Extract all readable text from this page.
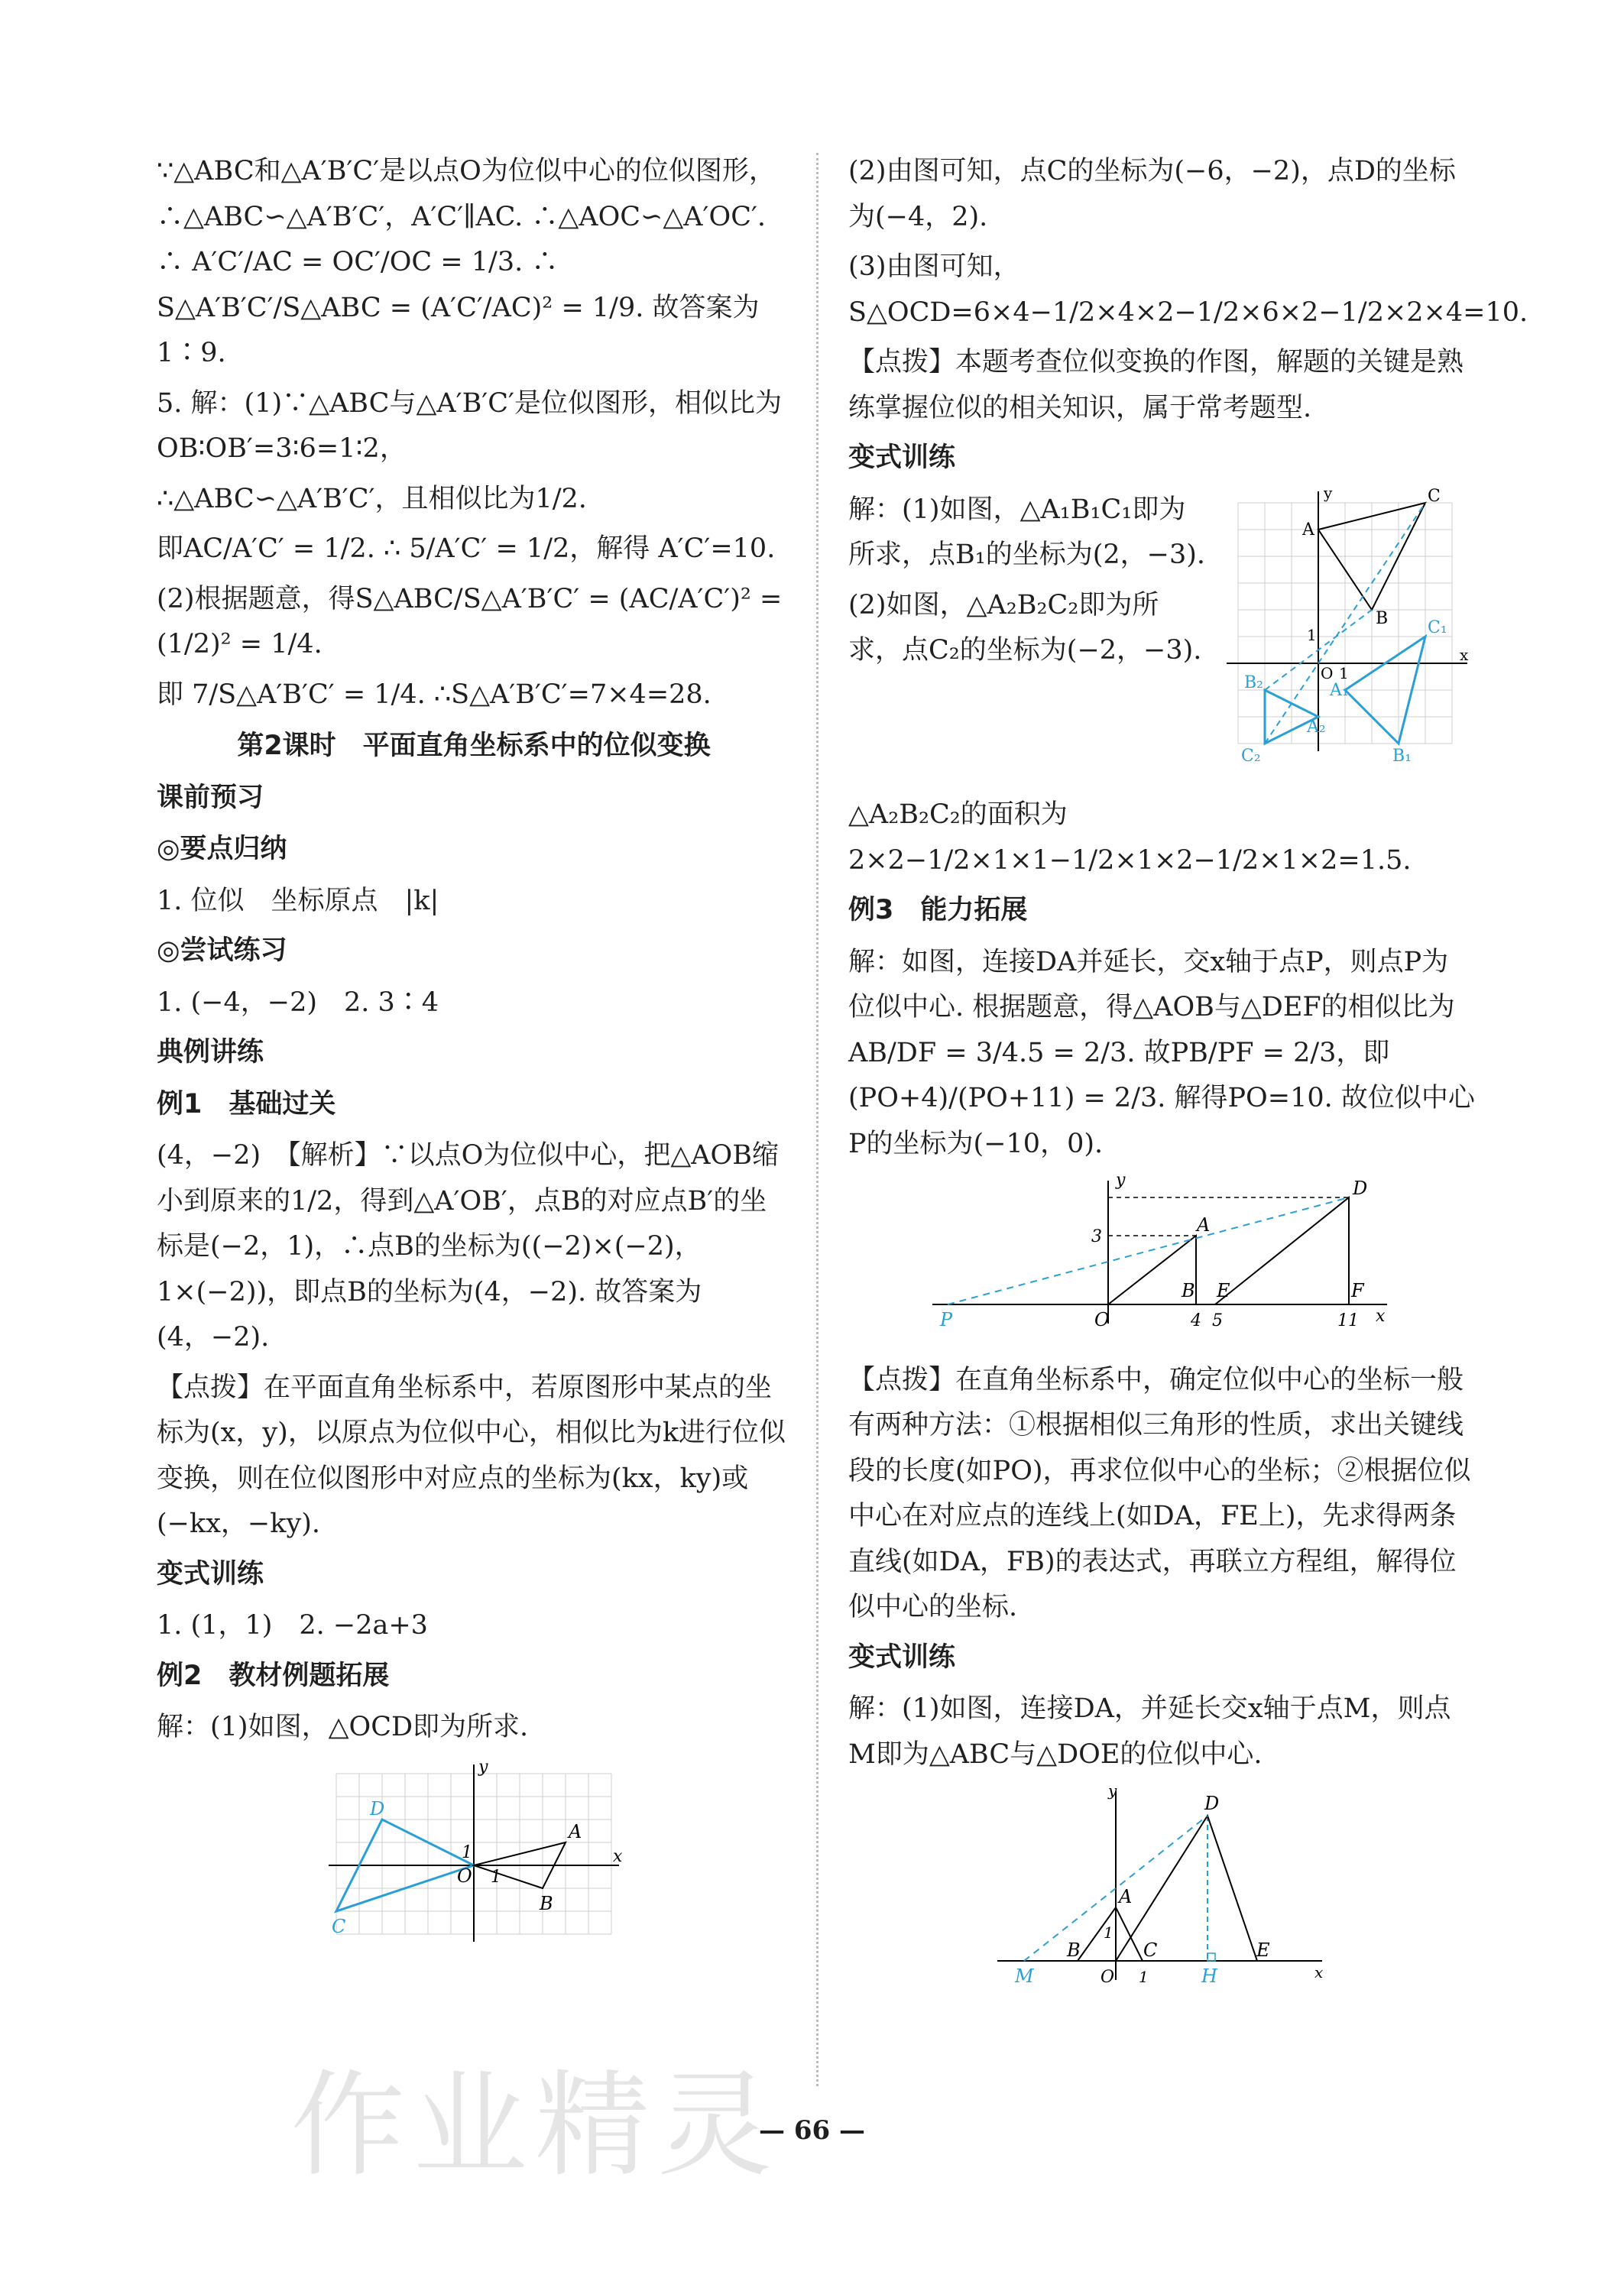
∵△ABC和△A′B′C′是以点O为位似中心的位似图形，∴△ABC∽△A′B′C′，A′C′∥AC. ∴△AOC∽△A′OC′. ∴ A′C′/AC = OC′/OC = 1/3. ∴ S△A′B′C′/S△ABC = (A′C′/AC)² = 1/9. 故答案为1∶9.

5. 解：(1)∵△ABC与△A′B′C′是位似图形，相似比为OB∶OB′=3∶6=1∶2，

∴△ABC∽△A′B′C′，且相似比为1/2.

即AC/A′C′ = 1/2. ∴ 5/A′C′ = 1/2，解得 A′C′=10.

(2)根据题意，得S△ABC/S△A′B′C′ = (AC/A′C′)² = (1/2)² = 1/4.

即 7/S△A′B′C′ = 1/4. ∴S△A′B′C′=7×4=28.

第2课时　平面直角坐标系中的位似变换
课前预习
◎要点归纳

1. 位似　坐标原点　|k|

◎尝试练习

1. (−4，−2)　2. 3∶4

典例讲练
例1　基础过关

(4，−2)　【解析】∵以点O为位似中心，把△AOB缩小到原来的1/2，得到△A′OB′，点B的对应点B′的坐标是(−2，1)，∴点B的坐标为((−2)×(−2)，1×(−2))，即点B的坐标为(4，−2). 故答案为(4，−2).

【点拨】在平面直角坐标系中，若原图形中某点的坐标为(x，y)，以原点为位似中心，相似比为k进行位似变换，则在位似图形中对应点的坐标为(kx，ky)或(−kx，−ky).

变式训练

1. (1，1)　2. −2a+3

例2　教材例题拓展

解：(1)如图，△OCD即为所求.

y
x
D
A
O
1
1
B
C

(2)由图可知，点C的坐标为(−6，−2)，点D的坐标为(−4，2).

(3)由图可知，S△OCD=6×4−1/2×4×2−1/2×6×2−1/2×2×4=10.

【点拨】本题考查位似变换的作图，解题的关键是熟练掌握位似的相关知识，属于常考题型.

变式训练
y	C
A
B C₁
1
O 1
x
B₂	A₁
A₂
C₂	B₁

解：(1)如图，△A₁B₁C₁即为所求，点B₁的坐标为(2，−3).

(2)如图，△A₂B₂C₂即为所求，点C₂的坐标为(−2，−3).

△A₂B₂C₂的面积为2×2−1/2×1×1−1/2×1×2−1/2×1×2=1.5.

例3　能力拓展

解：如图，连接DA并延长，交x轴于点P，则点P为位似中心. 根据题意，得△AOB与△DEF的相似比为AB/DF = 3/4.5 = 2/3. 故PB/PF = 2/3，即(PO+4)/(PO+11) = 2/3. 解得PO=10. 故位似中心P的坐标为(−10，0).

y	D
3
A
B E	F
P	O	4 5	11 x

【点拨】在直角坐标系中，确定位似中心的坐标一般有两种方法：①根据相似三角形的性质，求出关键线段的长度(如PO)，再求位似中心的坐标；②根据位似中心在对应点的连线上(如DA，FE上)，先求得两条直线(如DA，FB)的表达式，再联立方程组，解得位似中心的坐标.

变式训练

解：(1)如图，连接DA，并延长交x轴于点M，则点M即为△ABC与△DOE的位似中心.

y
D
A
1
B	C	E
M	O 1	H	x
作业精灵
— 66 —
